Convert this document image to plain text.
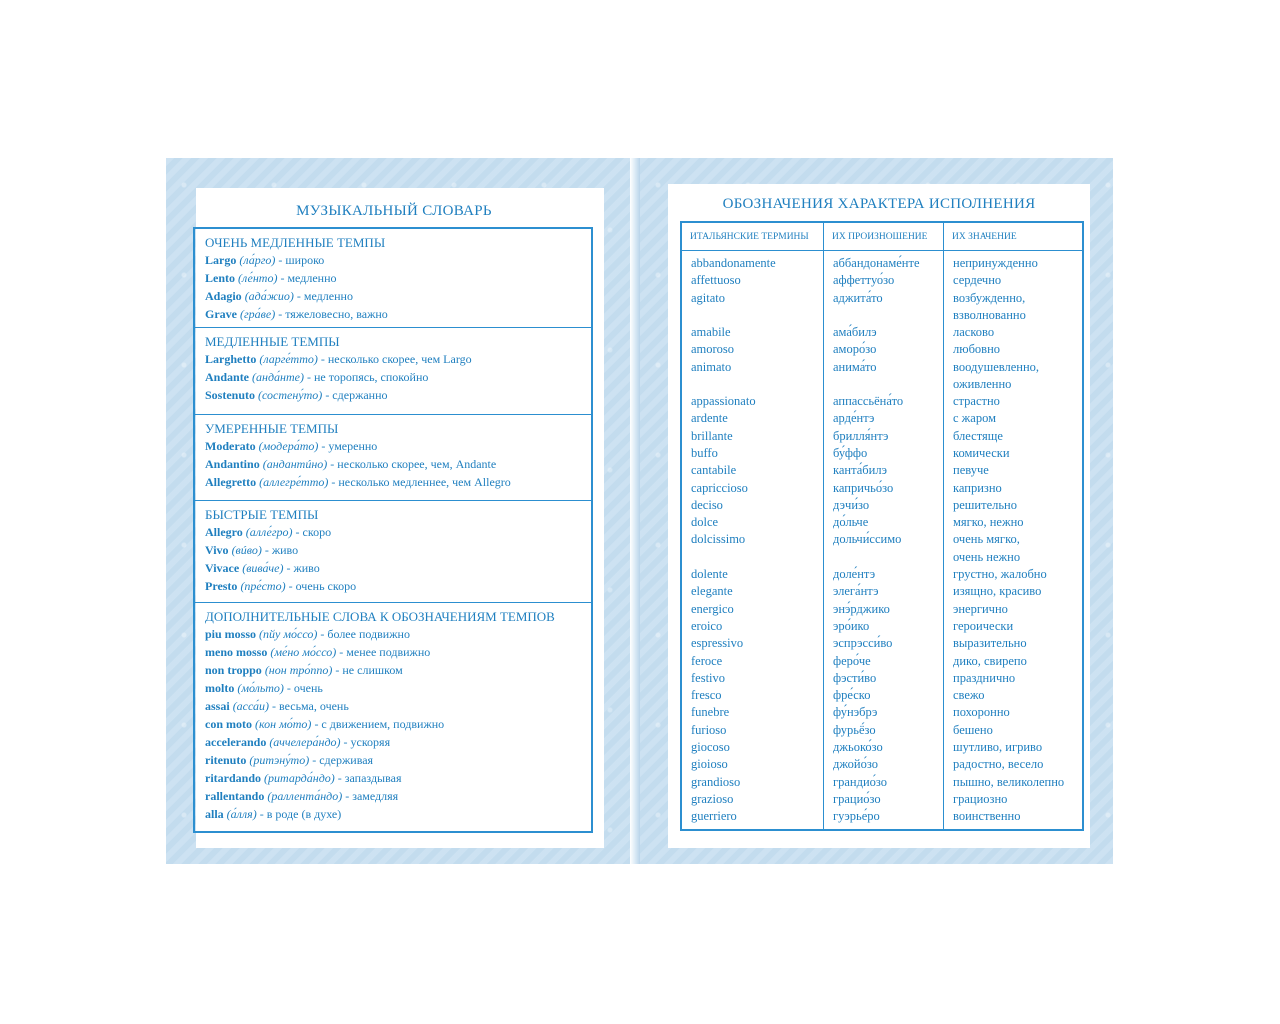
МУЗЫКАЛЬНЫЙ СЛОВАРЬ	ОБОЗНАЧЕНИЯ ХАРАКТЕРА ИСПОЛНЕНИЯ
ОЧЕНЬ МЕДЛЕННЫЕ ТЕМПЫ
Largo (ла́рго) - широко
Lento (ле́нто) - медленно
Adagio (ада́жио) - медленно
Grave (гра́ве) - тяжеловесно, важно
МЕДЛЕННЫЕ ТЕМПЫ
Larghetto (ларге́тто) - несколько скорее, чем Largo
Andante (анда́нте) - не торопясь, спокойно
Sostenuto (состену́то) - сдержанно
УМЕРЕННЫЕ ТЕМПЫ
Moderato (модера́то) - умеренно
Andantino (андантúно) - несколько скорее, чем, Andante
Allegretto (аллегре́тто) - несколько медленнее, чем Allegro
БЫСТРЫЕ ТЕМПЫ
Allegro (алле́гро) - скоро
Vivo (вúво) - живо
Vivace (вива́че) - живо
Presto (пре́сто) - очень скоро
ДОПОЛНИТЕЛЬНЫЕ СЛОВА К ОБОЗНАЧЕНИЯМ ТЕМПОВ
piu mosso (пйу мо́ссо) - более подвижно
meno mosso (ме́но мо́ссо) - менее подвижно
non troppo (нон тро́ппо) - не слишком
molto (мо́льто) - очень
assai (асса́и) - весьма, очень
con moto (кон мо́то) - с движением, подвижно
accelerando (аччелера́ндо) - ускоряя
ritenuto (ритэну́то) - сдерживая
ritardando (ритарда́ндо) - запаздывая
rallentando (раллента́ндо) - замедляя
alla (а́лля) - в роде (в духе)
ИТАЛЬЯНСКИЕ ТЕРМИНЫ	ИХ ПРОИЗНОШЕНИЕ	ИХ ЗНАЧЕНИЕ
abbandonamente	аббандонаме́нте	непринужденно
affettuoso	аффеттуо́зо	сердечно
agitato	аджита́то	возбужденно,
взволнованно
amabile	ама́билэ	ласково
amoroso	аморо́зо	любовно
animato	анима́то	воодушевленно,
оживленно
appassionato	аппассьёна́то	страстно
ardente	арде́нтэ	с жаром
brillante	брилля́нтэ	блестяще
buffo	бу́ффо	комически
cantabile	канта́билэ	певуче
capriccioso	капричьо́зо	капризно
deciso	дэчи́зо	решительно
dolce	до́льче	мягко, нежно
dolcissimo	дольчи́ссимо	очень мягко,
очень нежно
dolente	доле́нтэ	грустно, жалобно
elegante	элега́нтэ	изящно, красиво
energico	энэ́рджико	энергично
eroico	эро́ико	героически
espressivo	эспрэсси́во	выразительно
feroce	феро́че	дико, свирепо
festivo	фэсти́во	празднично
fresco	фре́ско	свежо
funebre	фу́нэбрэ	похоронно
furioso	фурьё́зо	бешено
giocoso	джьоко́зо	шутливо, игриво
gioioso	джойо́зо	радостно, весело
grandioso	грандио́зо	пышно, великолепно
grazioso	грацио́зо	грациозно
guerriero	гуэрье́ро	воинственно
